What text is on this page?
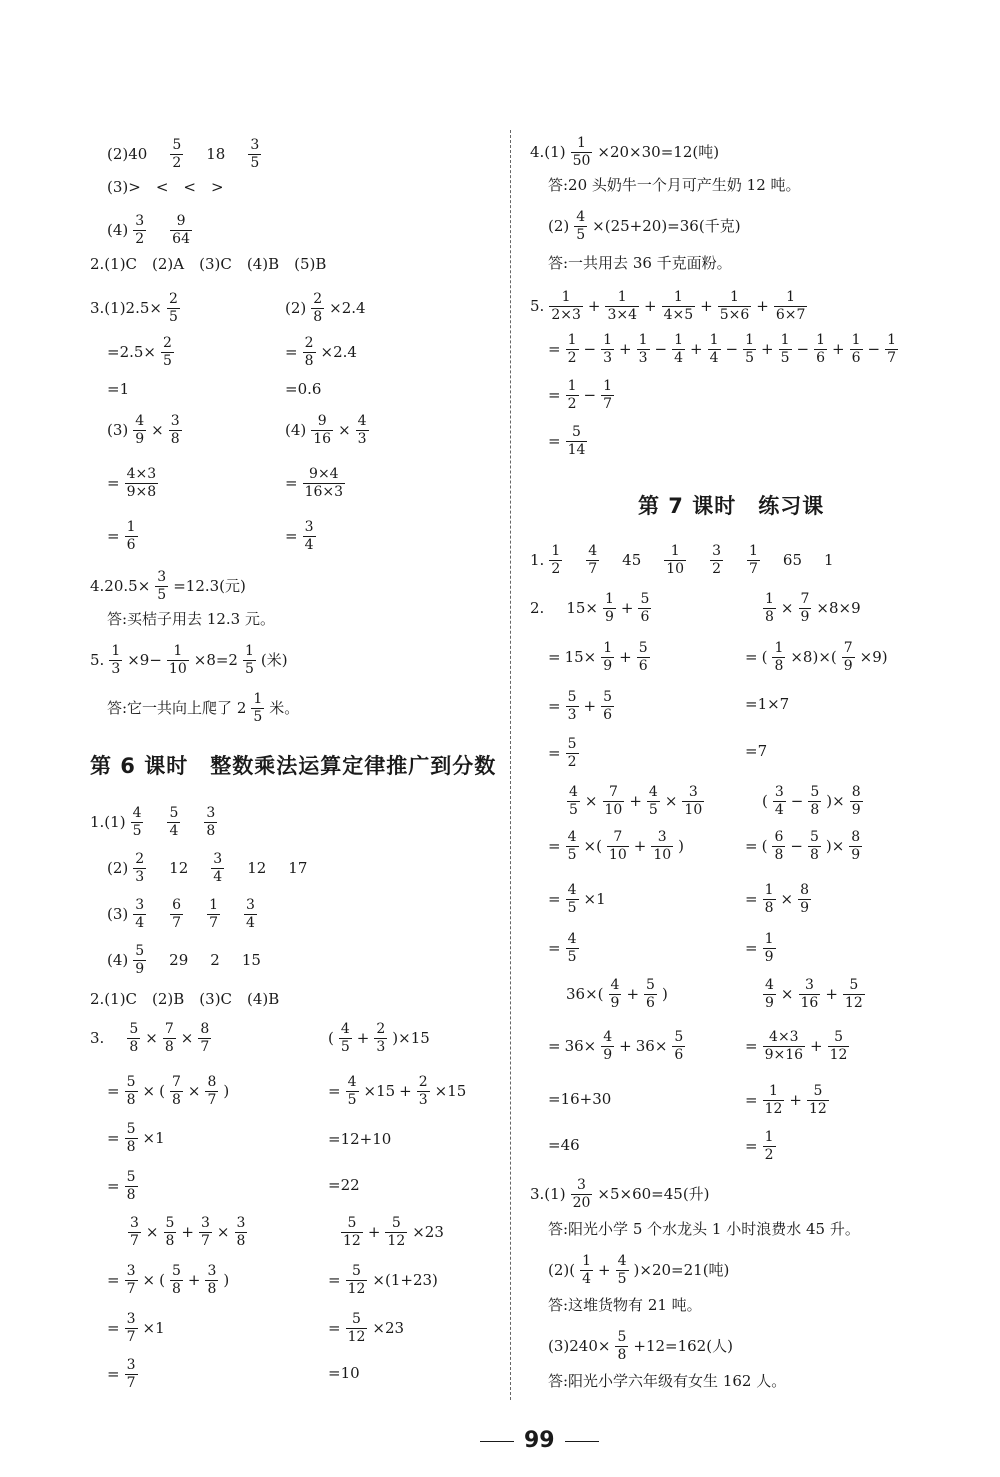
$(2)40 \frac{5}{2} 18 \frac{3}{5}$
(3)>　<　<　>
$(4) \frac{3}{2} \frac{9}{64}$
2.(1)C　(2)A　(3)C　(4)B　(5)B
$3.(1)2.5\times \frac{2}{5}$	$(2) \frac{2}{8} \times 2.4$
$=2.5\times \frac{2}{5}$	= $\frac{2}{8} \times 2.4$
=1	=0.6
$(3) \frac{4}{9} \times \frac{3}{8}$	$(4) \frac{9}{16} \times \frac{4}{3}$
= $\frac{4\times 3}{9\times 8}$	= $\frac{9\times 4}{16\times 3}$
= $\frac{1}{6}$	= $\frac{3}{4}$
$4.20.5\times \frac{3}{5} =12.3$(元)
答:买桔子用去 12.3 元。
5. $\frac{1}{3} \times 9- \frac{1}{10} \times 8=2 \frac{1}{5}$ (米)
答:它一共向上爬了 $2 \frac{1}{5}$ 米。
第 6 课时　整数乘法运算定律推广到分数
$1.(1) \frac{4}{5} \frac{5}{4} \frac{3}{8}$
$(2) \frac{2}{3} 12 \frac{3}{4} 12$ 17
$(3) \frac{3}{4} \frac{6}{7} \frac{1}{7} \frac{3}{4}$
$(4) \frac{5}{9} 29$ 2 15
2.(1)C　(2)B　(3)C　(4)B
3. $\frac{5}{8} \times \frac{7}{8} \times \frac{8}{7}$	( $\frac{4}{5} + \frac{2}{3} )\times 15$
= $\frac{5}{8}$ × ( $\frac{7}{8} \times \frac{8}{7}$ )	= $\frac{4}{5} \times 15 + \frac{2}{3} \times 15$
= $\frac{5}{8} \times 1$	=12+10
= $\frac{5}{8}$	=22
$\frac{3}{7} \times \frac{5}{8} + \frac{3}{7} \times \frac{3}{8}$	$\frac{5}{12} + \frac{5}{12} \times 23$
= $\frac{3}{7}$ × ( $\frac{5}{8} + \frac{3}{8}$ )	= $\frac{5}{12} \times(1+23)$
= $\frac{3}{7} \times 1$	= $\frac{5}{12} \times 23$
= $\frac{3}{7}$	=10
$4.(1) \frac{1}{50} \times 20\times 30=12$(吨)
答:20 头奶牛一个月可产生奶 12 吨。
$(2) \frac{4}{5} \times(25+20)=36$(千克)
答:一共用去 36 千克面粉。
5. $\frac{1}{2\times 3} + \frac{1}{3\times 4} + \frac{1}{4\times 5} + \frac{1}{5\times 6} + \frac{1}{6\times 7}$
= $\frac{1}{2} - \frac{1}{3} + \frac{1}{3} - \frac{1}{4} + \frac{1}{4} - \frac{1}{5} + \frac{1}{5} - \frac{1}{6} + \frac{1}{6} - \frac{1}{7}$
= $\frac{1}{2} - \frac{1}{7}$
= $\frac{5}{14}$
第 7 课时　练习课
1. $\frac{1}{2} \frac{4}{7} 45 \frac{1}{10} \frac{3}{2} \frac{1}{7} 65$ 1
2. $15\times \frac{1}{9} + \frac{5}{6}$	$\frac{1}{8} \times \frac{7}{9} \times 8\times 9$
= $15\times \frac{1}{9} + \frac{5}{6}$	= ( $\frac{1}{8} \times 8)\times( \frac{7}{9} \times 9)$
= $\frac{5}{3} + \frac{5}{6}$	=1×7
= $\frac{5}{2}$	=7
$\frac{4}{5} \times \frac{7}{10} + \frac{4}{5} \times \frac{3}{10}$	( $\frac{3}{4} - \frac{5}{8}$ )× $\frac{8}{9}$
= $\frac{4}{5}$ ×( $\frac{7}{10} + \frac{3}{10}$ )	= ( $\frac{6}{8} - \frac{5}{8}$ )× $\frac{8}{9}$
= $\frac{4}{5} \times 1$	= $\frac{1}{8} \times \frac{8}{9}$
= $\frac{4}{5}$	= $\frac{1}{9}$
$36\times( \frac{4}{9} + \frac{5}{6}$ )	$\frac{4}{9} \times \frac{3}{16} + \frac{5}{12}$
= $36\times \frac{4}{9} + 36\times \frac{5}{6}$	= $\frac{4\times 3}{9\times 16} + \frac{5}{12}$
=16+30	= $\frac{1}{12} + \frac{5}{12}$
=46	= $\frac{1}{2}$
$3.(1) \frac{3}{20} \times 5\times 60=45$(升)
答:阳光小学 5 个水龙头 1 小时浪费水 45 升。
$(2)( \frac{1}{4} + \frac{4}{5} )\times 20=21$(吨)
答:这堆货物有 21 吨。
$(3)240\times \frac{5}{8} +12=162$(人)
答:阳光小学六年级有女生 162 人。
99
